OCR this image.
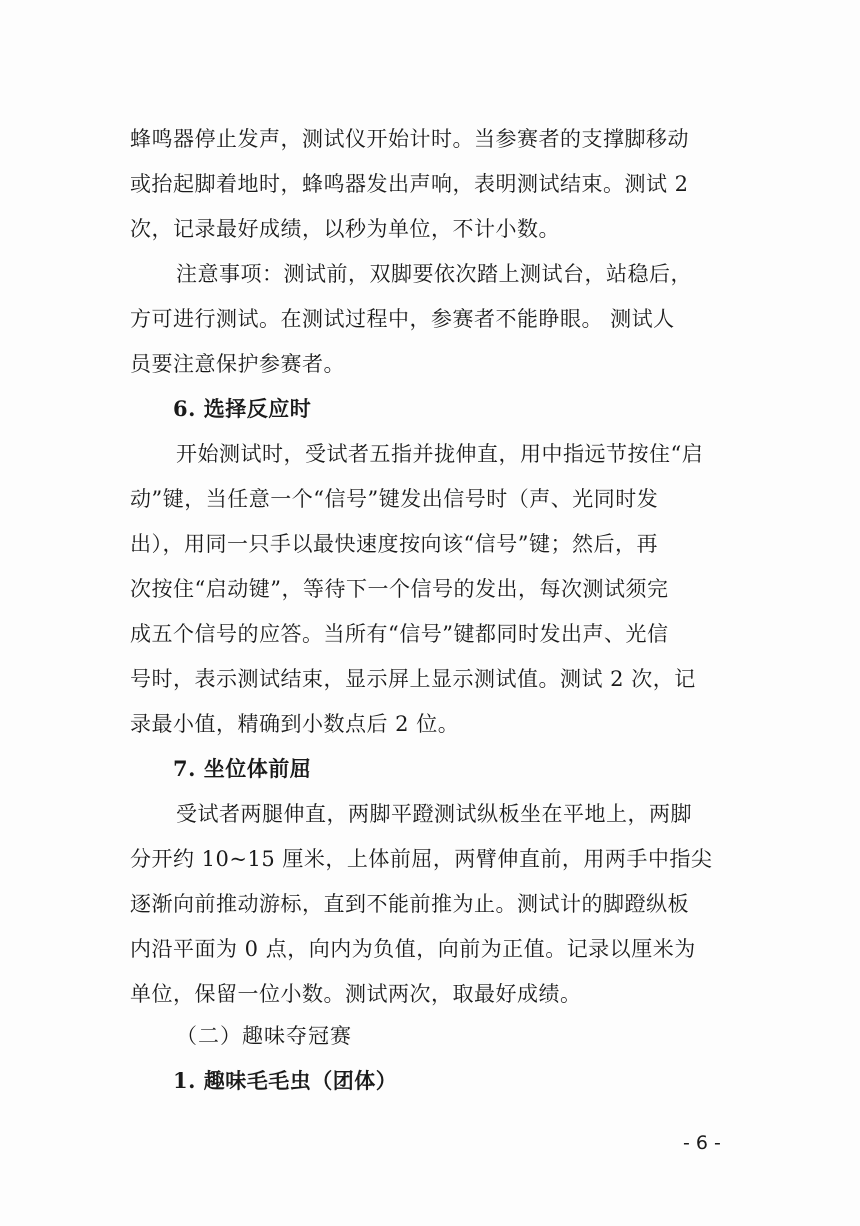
蜂鸣器停止发声，测试仪开始计时。当参赛者的支撑脚移动
或抬起脚着地时，蜂鸣器发出声响，表明测试结束。测试 2
次，记录最好成绩，以秒为单位，不计小数。
注意事项：测试前，双脚要依次踏上测试台，站稳后，
方可进行测试。在测试过程中，参赛者不能睁眼。 测试人
员要注意保护参赛者。
6. 选择反应时
开始测试时，受试者五指并拢伸直，用中指远节按住“启
动”键，当任意一个“信号”键发出信号时（声、光同时发
出），用同一只手以最快速度按向该“信号”键；然后，再
次按住“启动键”，等待下一个信号的发出，每次测试须完
成五个信号的应答。当所有“信号”键都同时发出声、光信
号时，表示测试结束，显示屏上显示测试值。测试 2 次，记
录最小值，精确到小数点后 2 位。
7. 坐位体前屈
受试者两腿伸直，两脚平蹬测试纵板坐在平地上，两脚
分开约 10~15 厘米，上体前屈，两臂伸直前，用两手中指尖
逐渐向前推动游标，直到不能前推为止。测试计的脚蹬纵板
内沿平面为 0 点，向内为负值，向前为正值。记录以厘米为
单位，保留一位小数。测试两次，取最好成绩。
（二）趣味夺冠赛
1. 趣味毛毛虫（团体）
- 6 -
